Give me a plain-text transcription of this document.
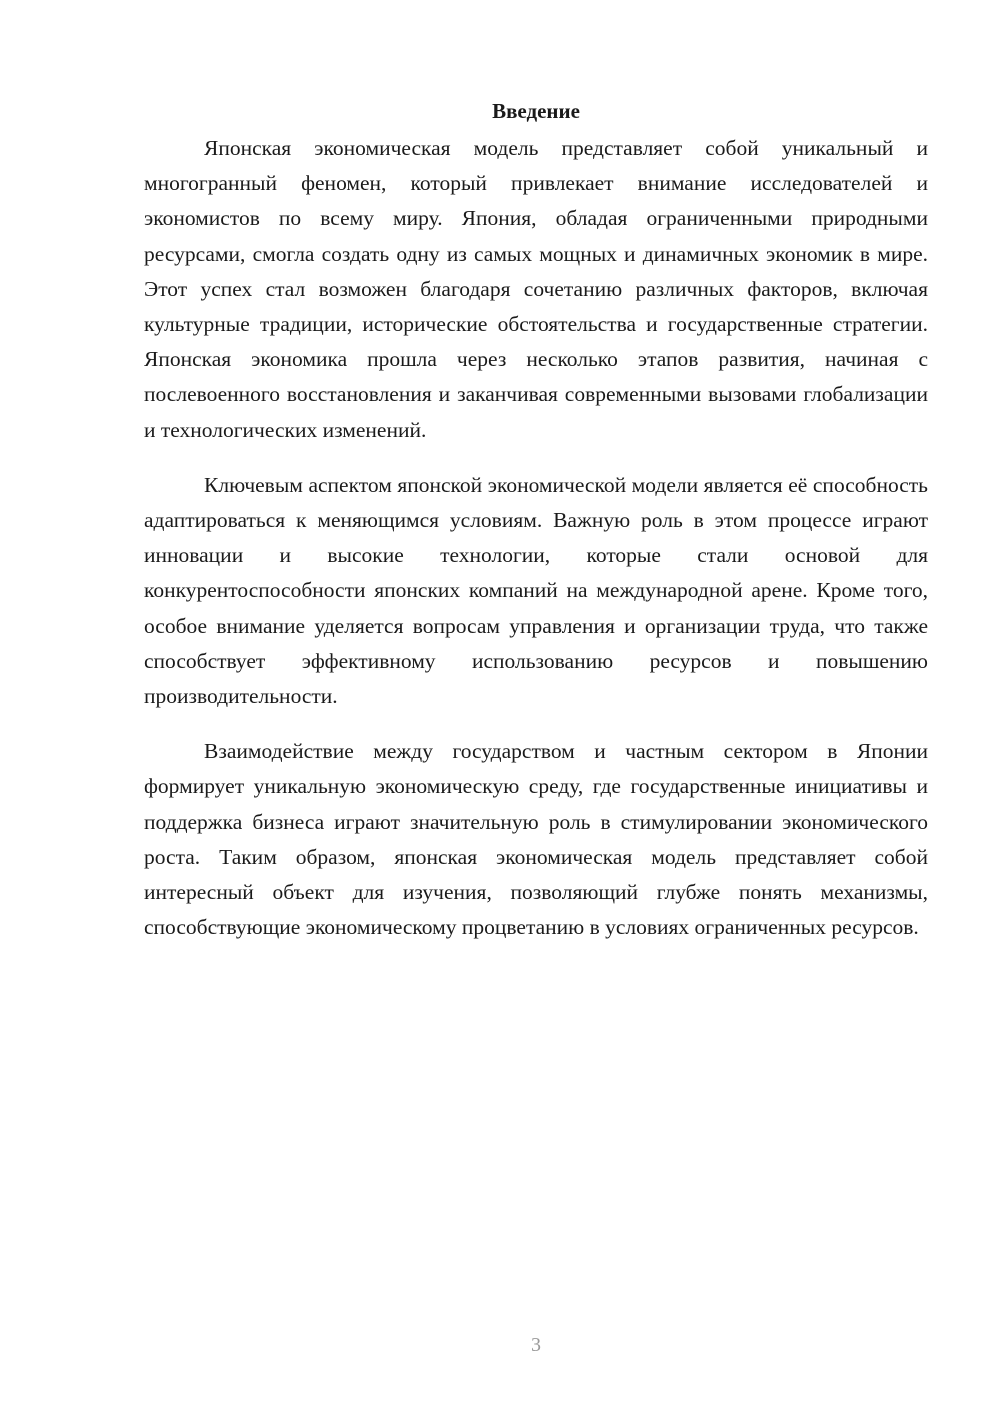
Введение

Японская экономическая модель представляет собой уникальный и многогранный феномен, который привлекает внимание исследователей и экономистов по всему миру. Япония, обладая ограниченными природными ресурсами, смогла создать одну из самых мощных и динамичных экономик в мире. Этот успех стал возможен благодаря сочетанию различных факторов, включая культурные традиции, исторические обстоятельства и государственные стратегии. Японская экономика прошла через несколько этапов развития, начиная с послевоенного восстановления и заканчивая современными вызовами глобализации и технологических изменений.

Ключевым аспектом японской экономической модели является её способность адаптироваться к меняющимся условиям. Важную роль в этом процессе играют инновации и высокие технологии, которые стали основой для конкурентоспособности японских компаний на международной арене. Кроме того, особое внимание уделяется вопросам управления и организации труда, что также способствует эффективному использованию ресурсов и повышению производительности.

Взаимодействие между государством и частным сектором в Японии формирует уникальную экономическую среду, где государственные инициативы и поддержка бизнеса играют значительную роль в стимулировании экономического роста. Таким образом, японская экономическая модель представляет собой интересный объект для изучения, позволяющий глубже понять механизмы, способствующие экономическому процветанию в условиях ограниченных ресурсов.

3
